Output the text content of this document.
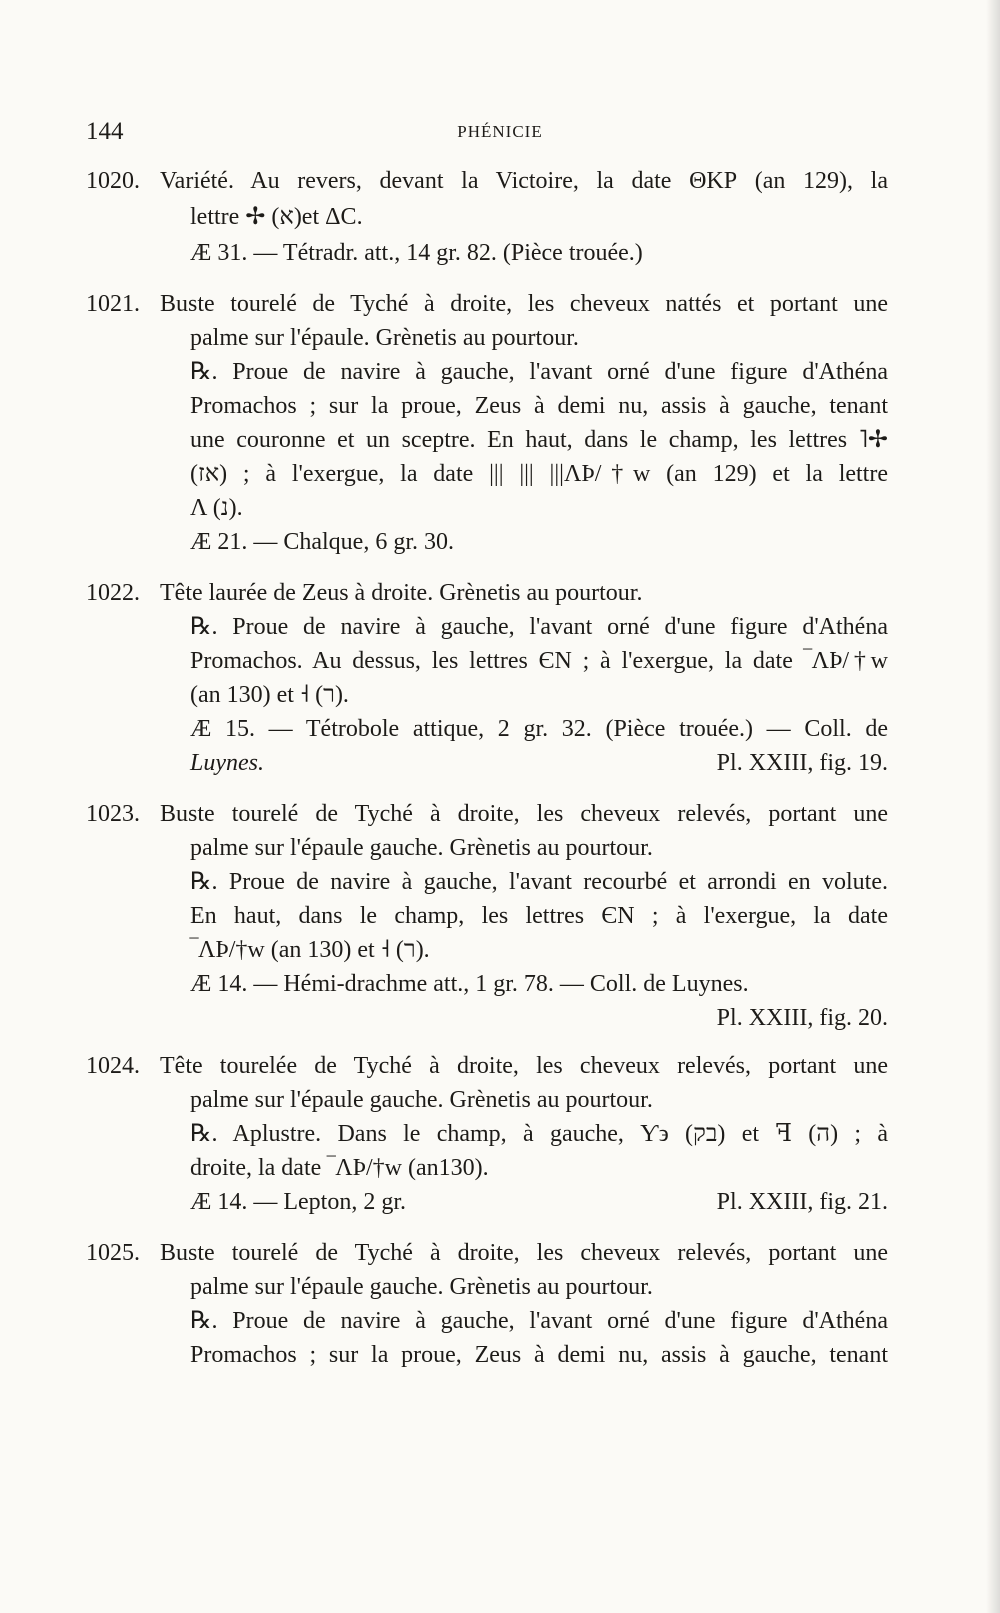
144	PHÉNICIE
1020. Variété. Au revers, devant la Victoire, la date ΘΚΡ (an 129), la
lettre ✢ (א)et ΔC.
Æ 31. — Tétradr. att., 14 gr. 82. (Pièce trouée.)
1021. Buste tourelé de Tyché à droite, les cheveux nattés et portant une
palme sur l'épaule. Grènetis au pourtour.
℞. Proue de navire à gauche, l'avant orné d'une figure d'Athéna
Promachos ; sur la proue, Zeus à demi nu, assis à gauche, tenant
une couronne et un sceptre. En haut, dans le champ, les lettres ˥✢
(אז) ; à l'exergue, la date ||| ||| |||ΛϷ/†ᴡ (an 129) et la lettre
Λ (נ).
Æ 21. — Chalque, 6 gr. 30.
1022. Tête laurée de Zeus à droite. Grènetis au pourtour.
℞. Proue de navire à gauche, l'avant orné d'une figure d'Athéna
Promachos. Au dessus, les lettres ЄN ; à l'exergue, la date ‾ΛϷ/†ᴡ
(an 130) et ˧ (ר).
Æ 15. — Tétrobole attique, 2 gr. 32. (Pièce trouée.) — Coll. de
Luynes.	Pl. XXIII, fig. 19.
1023. Buste tourelé de Tyché à droite, les cheveux relevés, portant une
palme sur l'épaule gauche. Grènetis au pourtour.
℞. Proue de navire à gauche, l'avant recourbé et arrondi en volute.
En haut, dans le champ, les lettres ЄN ; à l'exergue, la date
‾ΛϷ/†ᴡ (an 130) et ˧ (ר).
Æ 14. — Hémi-drachme att., 1 gr. 78. — Coll. de Luynes.
Pl. XXIII, fig. 20.
1024. Tête tourelée de Tyché à droite, les cheveux relevés, portant une
palme sur l'épaule gauche. Grènetis au pourtour.
℞. Aplustre. Dans le champ, à gauche, Ƴ϶ (בק) et ꟻ (ה) ; à
droite, la date ‾ΛϷ/†ᴡ (an130).
Æ 14. — Lepton, 2 gr.	Pl. XXIII, fig. 21.
1025. Buste tourelé de Tyché à droite, les cheveux relevés, portant une
palme sur l'épaule gauche. Grènetis au pourtour.
℞. Proue de navire à gauche, l'avant orné d'une figure d'Athéna
Promachos ; sur la proue, Zeus à demi nu, assis à gauche, tenant
